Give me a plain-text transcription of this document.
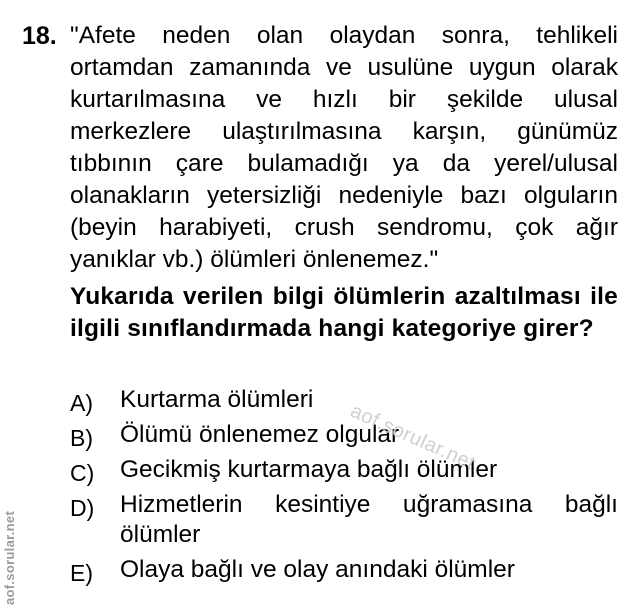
18. "Afete neden olan olaydan sonra, tehlikeli ortamdan zamanında ve usulüne uygun olarak kurtarılmasına ve hızlı bir şekilde ulusal merkezlere ulaştırılmasına karşın, günümüz tıbbının çare bulamadığı ya da yerel/ulusal olanakların yetersizliği nedeniyle bazı olguların (beyin harabiyeti, crush sendromu, çok ağır yanıklar vb.) ölümleri önlenemez."

Yukarıda verilen bilgi ölümlerin azaltılması ile ilgili sınıflandırmada hangi kategoriye girer?

A) Kurtarma ölümleri
B) Ölümü önlenemez olgular
C) Gecikmiş kurtarmaya bağlı ölümler
D) Hizmetlerin kesintiye uğramasına bağlı ölümler
E) Olaya bağlı ve olay anındaki ölümler
aof.sorular.net
aof.sorular.net
